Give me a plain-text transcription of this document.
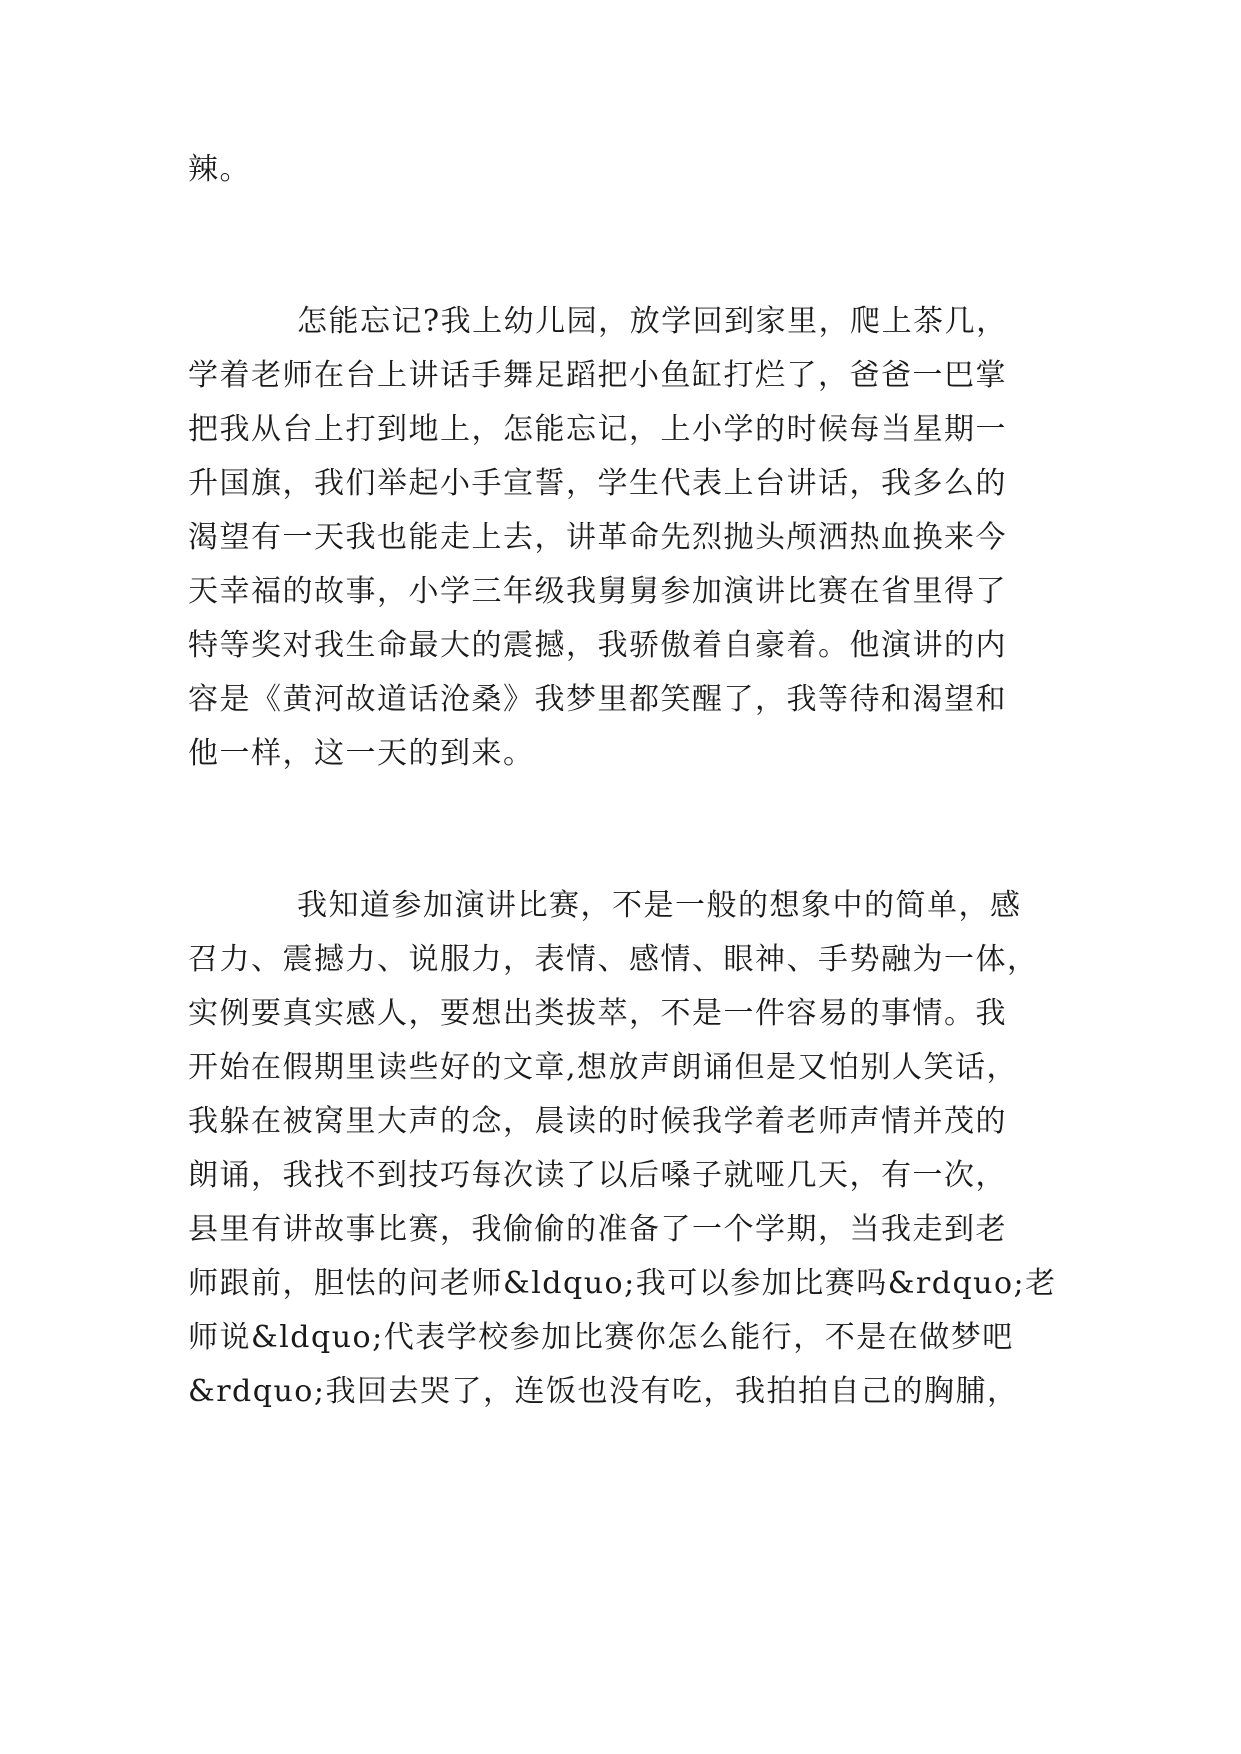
辣。
怎能忘记?我上幼儿园，放学回到家里，爬上茶几，
学着老师在台上讲话手舞足蹈把小鱼缸打烂了，爸爸一巴掌
把我从台上打到地上，怎能忘记，上小学的时候每当星期一
升国旗，我们举起小手宣誓，学生代表上台讲话，我多么的
渴望有一天我也能走上去，讲革命先烈抛头颅洒热血换来今
天幸福的故事，小学三年级我舅舅参加演讲比赛在省里得了
特等奖对我生命最大的震撼，我骄傲着自豪着。他演讲的内
容是《黄河故道话沧桑》我梦里都笑醒了，我等待和渴望和
他一样，这一天的到来。
我知道参加演讲比赛，不是一般的想象中的简单，感
召力、震撼力、说服力，表情、感情、眼神、手势融为一体，
实例要真实感人，要想出类拔萃，不是一件容易的事情。我
开始在假期里读些好的文章,想放声朗诵但是又怕别人笑话，
我躲在被窝里大声的念，晨读的时候我学着老师声情并茂的
朗诵，我找不到技巧每次读了以后嗓子就哑几天，有一次，
县里有讲故事比赛，我偷偷的准备了一个学期，当我走到老
师跟前，胆怯的问老师&ldquo;我可以参加比赛吗&rdquo;老
师说&ldquo;代表学校参加比赛你怎么能行，不是在做梦吧
&rdquo;我回去哭了，连饭也没有吃，我拍拍自己的胸脯，
